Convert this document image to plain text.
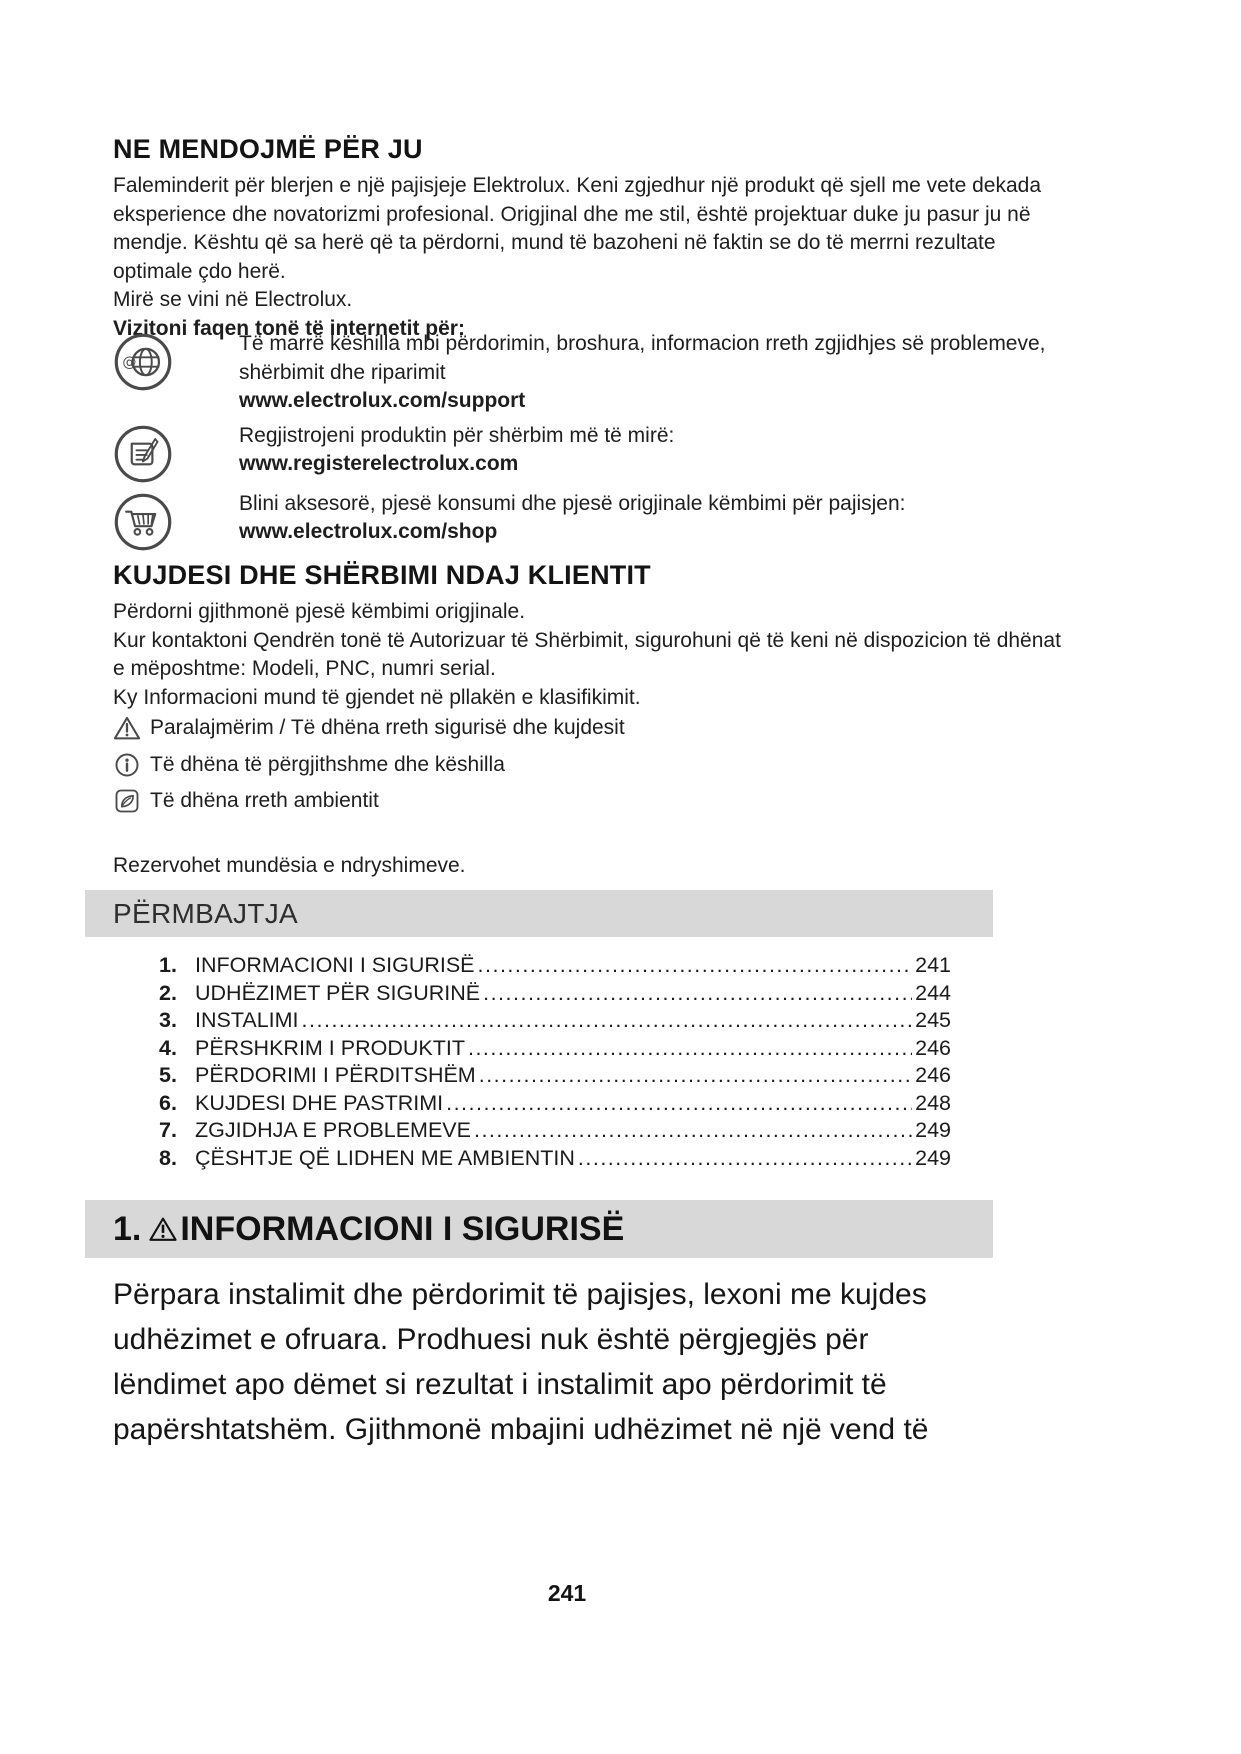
NE MENDOJMË PËR JU

Faleminderit për blerjen e një pajisjeje Elektrolux. Keni zgjedhur një produkt që sjell me vete dekada eksperience dhe novatorizmi profesional. Origjinal dhe me stil, është projektuar duke ju pasur ju në mendje. Kështu që sa herë që ta përdorni, mund të bazoheni në faktin se do të merrni rezultate optimale çdo herë.

Mirë se vini në Electrolux.

Vizitoni faqen tonë të internetit për:

@

Të marrë këshilla mbi përdorimin, broshura, informacion rreth zgjidhjes së problemeve, shërbimit dhe riparimit

www.electrolux.com/support

Regjistrojeni produktin për shërbim më të mirë:

www.registerelectrolux.com

Blini aksesorë, pjesë konsumi dhe pjesë origjinale këmbimi për pajisjen:

www.electrolux.com/shop

KUJDESI DHE SHËRBIMI NDAJ KLIENTIT

Përdorni gjithmonë pjesë këmbimi origjinale.

Kur kontaktoni Qendrën tonë të Autorizuar të Shërbimit, sigurohuni që të keni në dispozicion të dhënat e mëposhtme: Modeli, PNC, numri serial.

Ky Informacioni mund të gjendet në pllakën e klasifikimit.

Paralajmërim / Të dhëna rreth sigurisë dhe kujdesit
Të dhëna të përgjithshme dhe këshilla
Të dhëna rreth ambientit

Rezervohet mundësia e ndryshimeve.

PËRMBAJTJA
1. INFORMACIONI I SIGURISË .....	241
2. UDHËZIMET PËR SIGURINË .....	244
3. INSTALIMI .....	245
4. PËRSHKRIM I PRODUKTIT .....	246
5. PËRDORIMI I PËRDITSHËM .....	246
6. KUJDESI DHE PASTRIMI .....	248
7. ZGJIDHJA E PROBLEMEVE .....	249
8. ÇËSHTJE QË LIDHEN ME AMBIENTIN .....	249
1. INFORMACIONI I SIGURISË
Përpara instalimit dhe përdorimit të pajisjes, lexoni me kujdes
udhëzimet e ofruara. Prodhuesi nuk është përgjegjës për
lëndimet apo dëmet si rezultat i instalimit apo përdorimit të
papërshtatshëm. Gjithmonë mbajini udhëzimet në një vend të
241
